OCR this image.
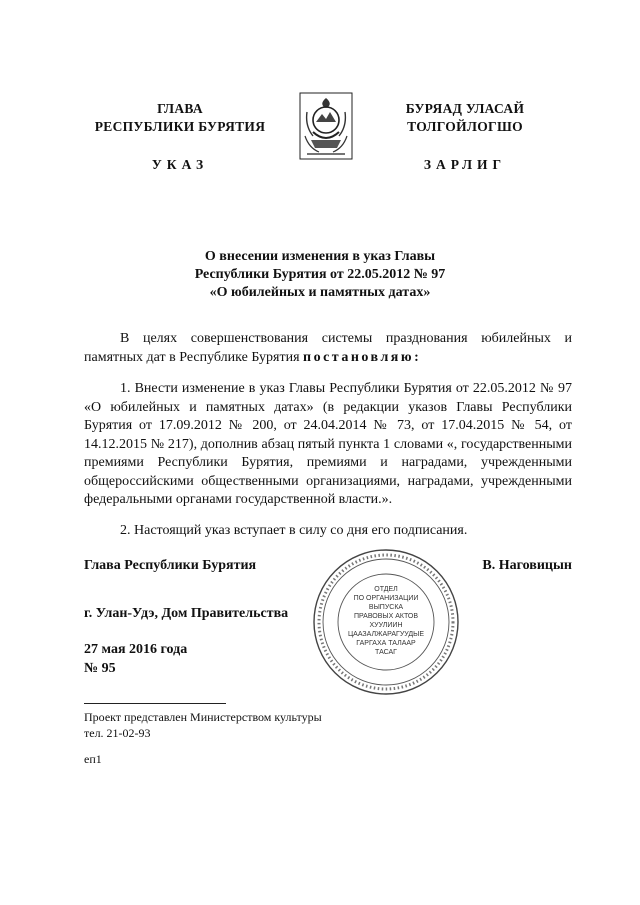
ГЛАВА
РЕСПУБЛИКИ БУРЯТИЯ
УКАЗ
БУРЯАД УЛАСАЙ
ТОЛГОЙЛОГШО
ЗАРЛИГ
О внесении изменения в указ Главы
Республики Бурятия от 22.05.2012 № 97
«О юбилейных и памятных датах»
В целях совершенствования системы празднования юбилейных и памятных дат в Республике Бурятия постановляю:
1. Внести изменение в указ Главы Республики Бурятия от 22.05.2012 № 97 «О юбилейных и памятных датах» (в редакции указов Главы Республики Бурятия от 17.09.2012 № 200, от 24.04.2014 № 73, от 17.04.2015 № 54, от 14.12.2015 № 217), дополнив абзац пятый пункта 1 словами «, государственными премиями Республики Бурятия, премиями и наградами, учрежденными общероссийскими общественными организациями, наградами, учрежденными федеральными органами государственной власти.».
2. Настоящий указ вступает в силу со дня его подписания.
Глава Республики Бурятия	В. Наговицын
ОТДЕЛ
ПО ОРГАНИЗАЦИИ
ВЫПУСКА
ПРАВОВЫХ АКТОВ
ХУУЛИИН
ЦААЗАЛЖАРАГУУДЫЕ
ГАРГАХА ТАЛААР
ТАСАГ
г. Улан-Удэ, Дом Правительства
27 мая 2016 года
№ 95
Проект представлен Министерством культуры
тел. 21-02-93
еп1
